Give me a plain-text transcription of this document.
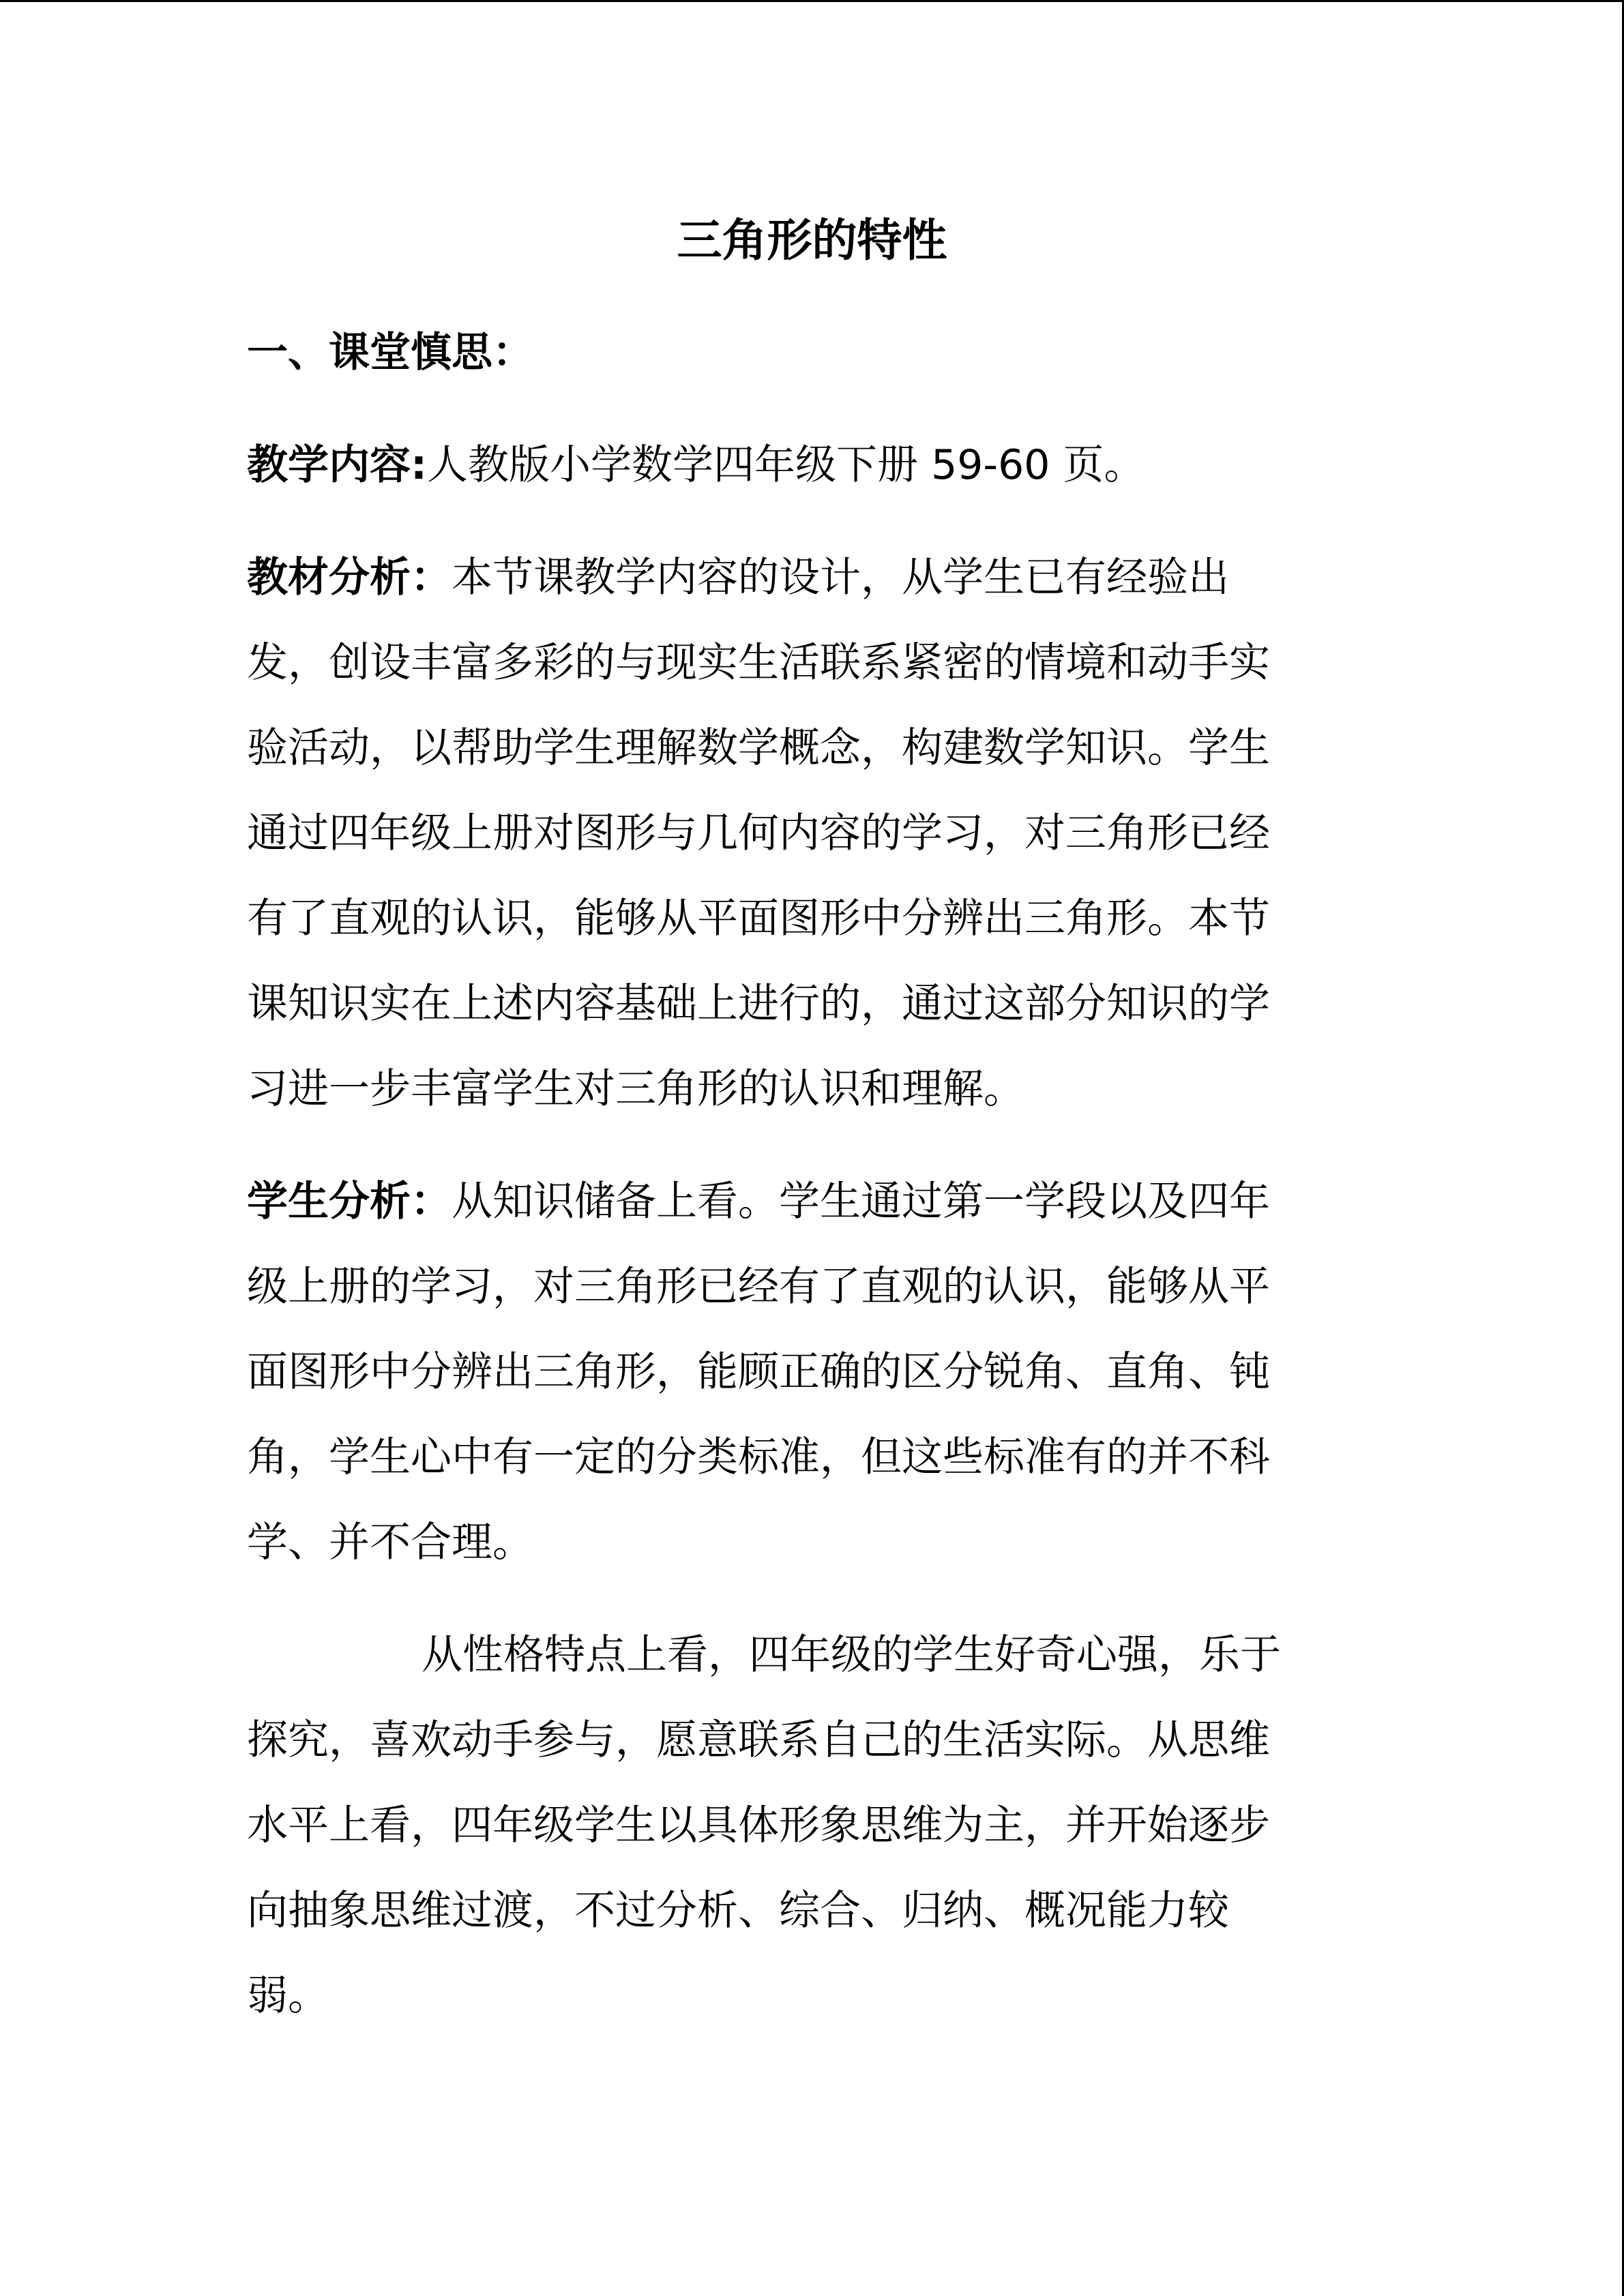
三角形的特性
一、课堂慎思：
教学内容:人教版小学数学四年级下册 59-60 页。
教材分析：本节课教学内容的设计，从学生已有经验出
发，创设丰富多彩的与现实生活联系紧密的情境和动手实
验活动，以帮助学生理解数学概念，构建数学知识。学生
通过四年级上册对图形与几何内容的学习，对三角形已经
有了直观的认识，能够从平面图形中分辨出三角形。本节
课知识实在上述内容基础上进行的，通过这部分知识的学
习进一步丰富学生对三角形的认识和理解。
学生分析：从知识储备上看。学生通过第一学段以及四年
级上册的学习，对三角形已经有了直观的认识，能够从平
面图形中分辨出三角形，能顾正确的区分锐角、直角、钝
角，学生心中有一定的分类标准，但这些标准有的并不科
学、并不合理。
从性格特点上看，四年级的学生好奇心强，乐于
探究，喜欢动手参与，愿意联系自己的生活实际。从思维
水平上看，四年级学生以具体形象思维为主，并开始逐步
向抽象思维过渡，不过分析、综合、归纳、概况能力较
弱。
